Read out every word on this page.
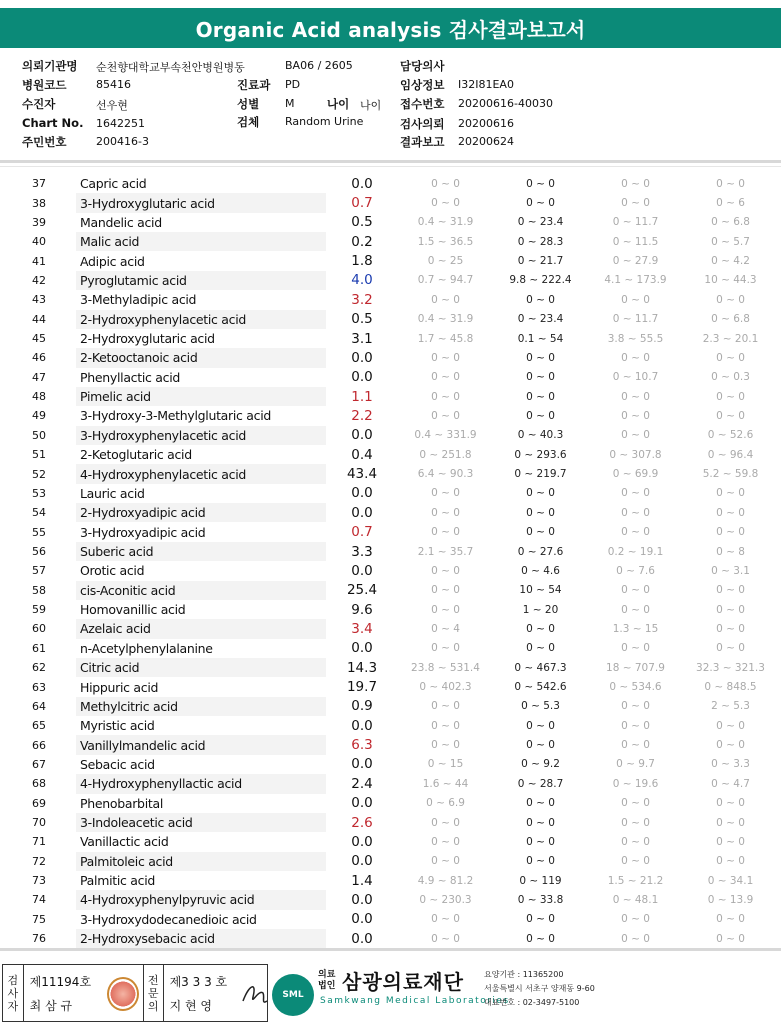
Organic Acid analysis 검사결과보고서
의뢰기관명 순천향대학교부속천안병원병동	BA06 / 2605	담당의사
병원코드	85416	진료과 PD	임상정보 I32I81EA0
수진자	선우현	성별 M	나이 나이 접수번호 20200616-40030
Chart No. 1642251	검체 Random Urine	검사의뢰 20200616
주민번호	200416-3	결과보고 20200624
37	Capric acid	0.0	0 ~ 0	0 ~ 0	0 ~ 0	0 ~ 0
38	3-Hydroxyglutaric acid	0.7	0 ~ 0	0 ~ 0	0 ~ 0	0 ~ 6
39	Mandelic acid	0.5	0.4 ~ 31.9	0 ~ 23.4	0 ~ 11.7	0 ~ 6.8
40	Malic acid	0.2	1.5 ~ 36.5	0 ~ 28.3	0 ~ 11.5	0 ~ 5.7
41	Adipic acid	1.8	0 ~ 25	0 ~ 21.7	0 ~ 27.9	0 ~ 4.2
42	Pyroglutamic acid	4.0	0.7 ~ 94.7	9.8 ~ 222.4	4.1 ~ 173.9	10 ~ 44.3
43	3-Methyladipic acid	3.2	0 ~ 0	0 ~ 0	0 ~ 0	0 ~ 0
44	2-Hydroxyphenylacetic acid	0.5	0.4 ~ 31.9	0 ~ 23.4	0 ~ 11.7	0 ~ 6.8
45	2-Hydroxyglutaric acid	3.1	1.7 ~ 45.8	0.1 ~ 54	3.8 ~ 55.5	2.3 ~ 20.1
46	2-Ketooctanoic acid	0.0	0 ~ 0	0 ~ 0	0 ~ 0	0 ~ 0
47	Phenyllactic acid	0.0	0 ~ 0	0 ~ 0	0 ~ 10.7	0 ~ 0.3
48	Pimelic acid	1.1	0 ~ 0	0 ~ 0	0 ~ 0	0 ~ 0
49	3-Hydroxy-3-Methylglutaric acid	2.2	0 ~ 0	0 ~ 0	0 ~ 0	0 ~ 0
50	3-Hydroxyphenylacetic acid	0.0	0.4 ~ 331.9	0 ~ 40.3	0 ~ 0	0 ~ 52.6
51	2-Ketoglutaric acid	0.4	0 ~ 251.8	0 ~ 293.6	0 ~ 307.8	0 ~ 96.4
52	4-Hydroxyphenylacetic acid	43.4	6.4 ~ 90.3	0 ~ 219.7	0 ~ 69.9	5.2 ~ 59.8
53	Lauric acid	0.0	0 ~ 0	0 ~ 0	0 ~ 0	0 ~ 0
54	2-Hydroxyadipic acid	0.0	0 ~ 0	0 ~ 0	0 ~ 0	0 ~ 0
55	3-Hydroxyadipic acid	0.7	0 ~ 0	0 ~ 0	0 ~ 0	0 ~ 0
56	Suberic acid	3.3	2.1 ~ 35.7	0 ~ 27.6	0.2 ~ 19.1	0 ~ 8
57	Orotic acid	0.0	0 ~ 0	0 ~ 4.6	0 ~ 7.6	0 ~ 3.1
58	cis-Aconitic acid	25.4	0 ~ 0	10 ~ 54	0 ~ 0	0 ~ 0
59	Homovanillic acid	9.6	0 ~ 0	1 ~ 20	0 ~ 0	0 ~ 0
60	Azelaic acid	3.4	0 ~ 4	0 ~ 0	1.3 ~ 15	0 ~ 0
61	n-Acetylphenylalanine	0.0	0 ~ 0	0 ~ 0	0 ~ 0	0 ~ 0
62	Citric acid	14.3	23.8 ~ 531.4	0 ~ 467.3	18 ~ 707.9	32.3 ~ 321.3
63	Hippuric acid	19.7	0 ~ 402.3	0 ~ 542.6	0 ~ 534.6	0 ~ 848.5
64	Methylcitric acid	0.9	0 ~ 0	0 ~ 5.3	0 ~ 0	2 ~ 5.3
65	Myristic acid	0.0	0 ~ 0	0 ~ 0	0 ~ 0	0 ~ 0
66	Vanillylmandelic acid	6.3	0 ~ 0	0 ~ 0	0 ~ 0	0 ~ 0
67	Sebacic acid	0.0	0 ~ 15	0 ~ 9.2	0 ~ 9.7	0 ~ 3.3
68	4-Hydroxyphenyllactic acid	2.4	1.6 ~ 44	0 ~ 28.7	0 ~ 19.6	0 ~ 4.7
69	Phenobarbital	0.0	0 ~ 6.9	0 ~ 0	0 ~ 0	0 ~ 0
70	3-Indoleacetic acid	2.6	0 ~ 0	0 ~ 0	0 ~ 0	0 ~ 0
71	Vanillactic acid	0.0	0 ~ 0	0 ~ 0	0 ~ 0	0 ~ 0
72	Palmitoleic acid	0.0	0 ~ 0	0 ~ 0	0 ~ 0	0 ~ 0
73	Palmitic acid	1.4	4.9 ~ 81.2	0 ~ 119	1.5 ~ 21.2	0 ~ 34.1
74	4-Hydroxyphenylpyruvic acid	0.0	0 ~ 230.3	0 ~ 33.8	0 ~ 48.1	0 ~ 13.9
75	3-Hydroxydodecanedioic acid	0.0	0 ~ 0	0 ~ 0	0 ~ 0	0 ~ 0
76	2-Hydroxysebacic acid	0.0	0 ~ 0	0 ~ 0	0 ~ 0	0 ~ 0
검
사
자
제11194호
최 삼 규
전
문
의
제3 3 3 호
지 현 영
SML
의료
법인 삼광의료재단
Samkwang Medical Laboratories
요양기관 : 11365200
서울특별시 서초구 양재동 9-60
대표번호 : 02-3497-5100
